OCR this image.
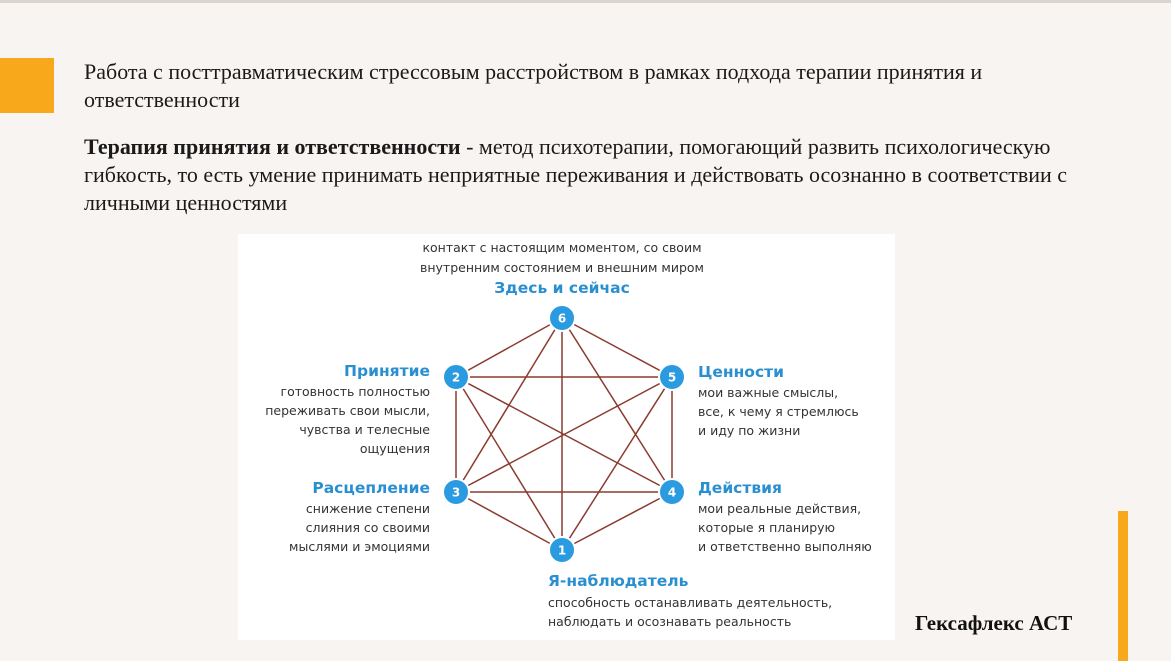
Работа с посттравматическим стрессовым расстройством в рамках подхода терапии принятия и ответственности

Терапия принятия и ответственности - метод психотерапии, помогающий развить психологическую гибкость, то есть умение принимать неприятные переживания и действовать осознанно в соответствии с личными ценностями

контакт с настоящим моментом, со своим
внутренним состоянием и внешним миром
Здесь и сейчас
Принятие
готовность полностью
переживать свои мысли,
чувства и телесные
ощущения
Ценности
мои важные смыслы,
все, к чему я стремлюсь
и иду по жизни
Расцепление
снижение степени
слияния со своими
мыслями и эмоциями
Действия
мои реальные действия,
которые я планирую
и ответственно выполняю
Я-наблюдатель
способность останавливать деятельность,
наблюдать и осознавать реальность
1
2
3	4
5
6

Гексафлекс АСТ
